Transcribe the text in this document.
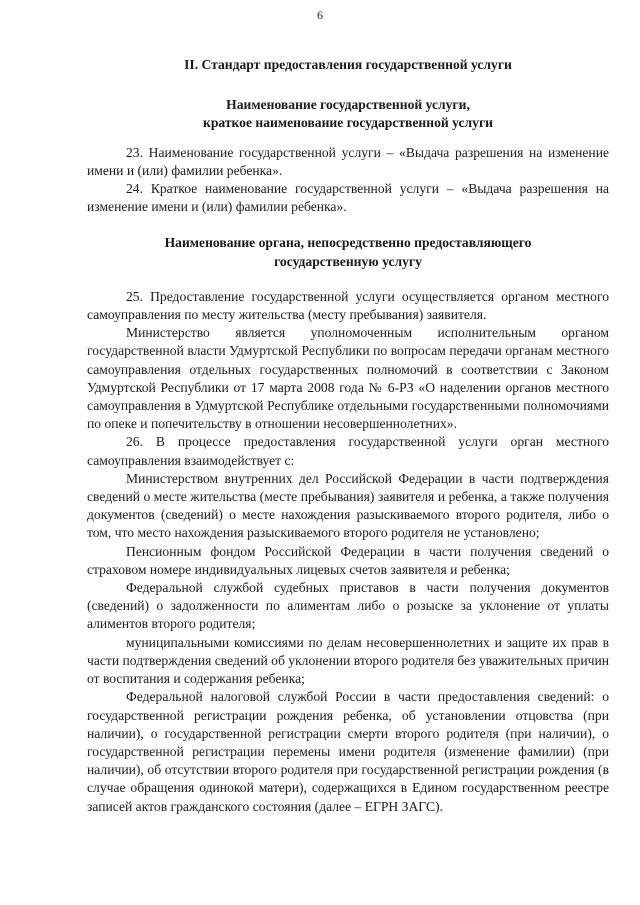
6
II. Стандарт предоставления государственной услуги
Наименование государственной услуги,
краткое наименование государственной услуги

23. Наименование государственной услуги – «Выдача разрешения на изменение имени и (или) фамилии ребенка».

24. Краткое наименование государственной услуги – «Выдача разрешения на изменение имени и (или) фамилии ребенка».

Наименование органа, непосредственно предоставляющего
государственную услугу

25. Предоставление государственной услуги осуществляется органом местного самоуправления по месту жительства (месту пребывания) заявителя.

Министерство является уполномоченным исполнительным органом государственной власти Удмуртской Республики по вопросам передачи органам местного самоуправления отдельных государственных полномочий в соответствии с Законом Удмуртской Республики от 17 марта 2008 года № 6-РЗ «О наделении органов местного самоуправления в Удмуртской Республике отдельными государственными полномочиями по опеке и попечительству в отношении несовершеннолетних».

26. В процессе предоставления государственной услуги орган местного самоуправления взаимодействует с:

Министерством внутренних дел Российской Федерации в части подтверждения сведений о месте жительства (месте пребывания) заявителя и ребенка, а также получения документов (сведений) о месте нахождения разыскиваемого второго родителя, либо о том, что место нахождения разыскиваемого второго родителя не установлено;

Пенсионным фондом Российской Федерации в части получения сведений о страховом номере индивидуальных лицевых счетов заявителя и ребенка;

Федеральной службой судебных приставов в части получения документов (сведений) о задолженности по алиментам либо о розыске за уклонение от уплаты алиментов второго родителя;

муниципальными комиссиями по делам несовершеннолетних и защите их прав в части подтверждения сведений об уклонении второго родителя без уважительных причин от воспитания и содержания ребенка;

Федеральной налоговой службой России в части предоставления сведений: о государственной регистрации рождения ребенка, об установлении отцовства (при наличии), о государственной регистрации смерти второго родителя (при наличии), о государственной регистрации перемены имени родителя (изменение фамилии) (при наличии), об отсутствии второго родителя при государственной регистрации рождения (в случае обращения одинокой матери), содержащихся в Едином государственном реестре записей актов гражданского состояния (далее – ЕГРН ЗАГС).
